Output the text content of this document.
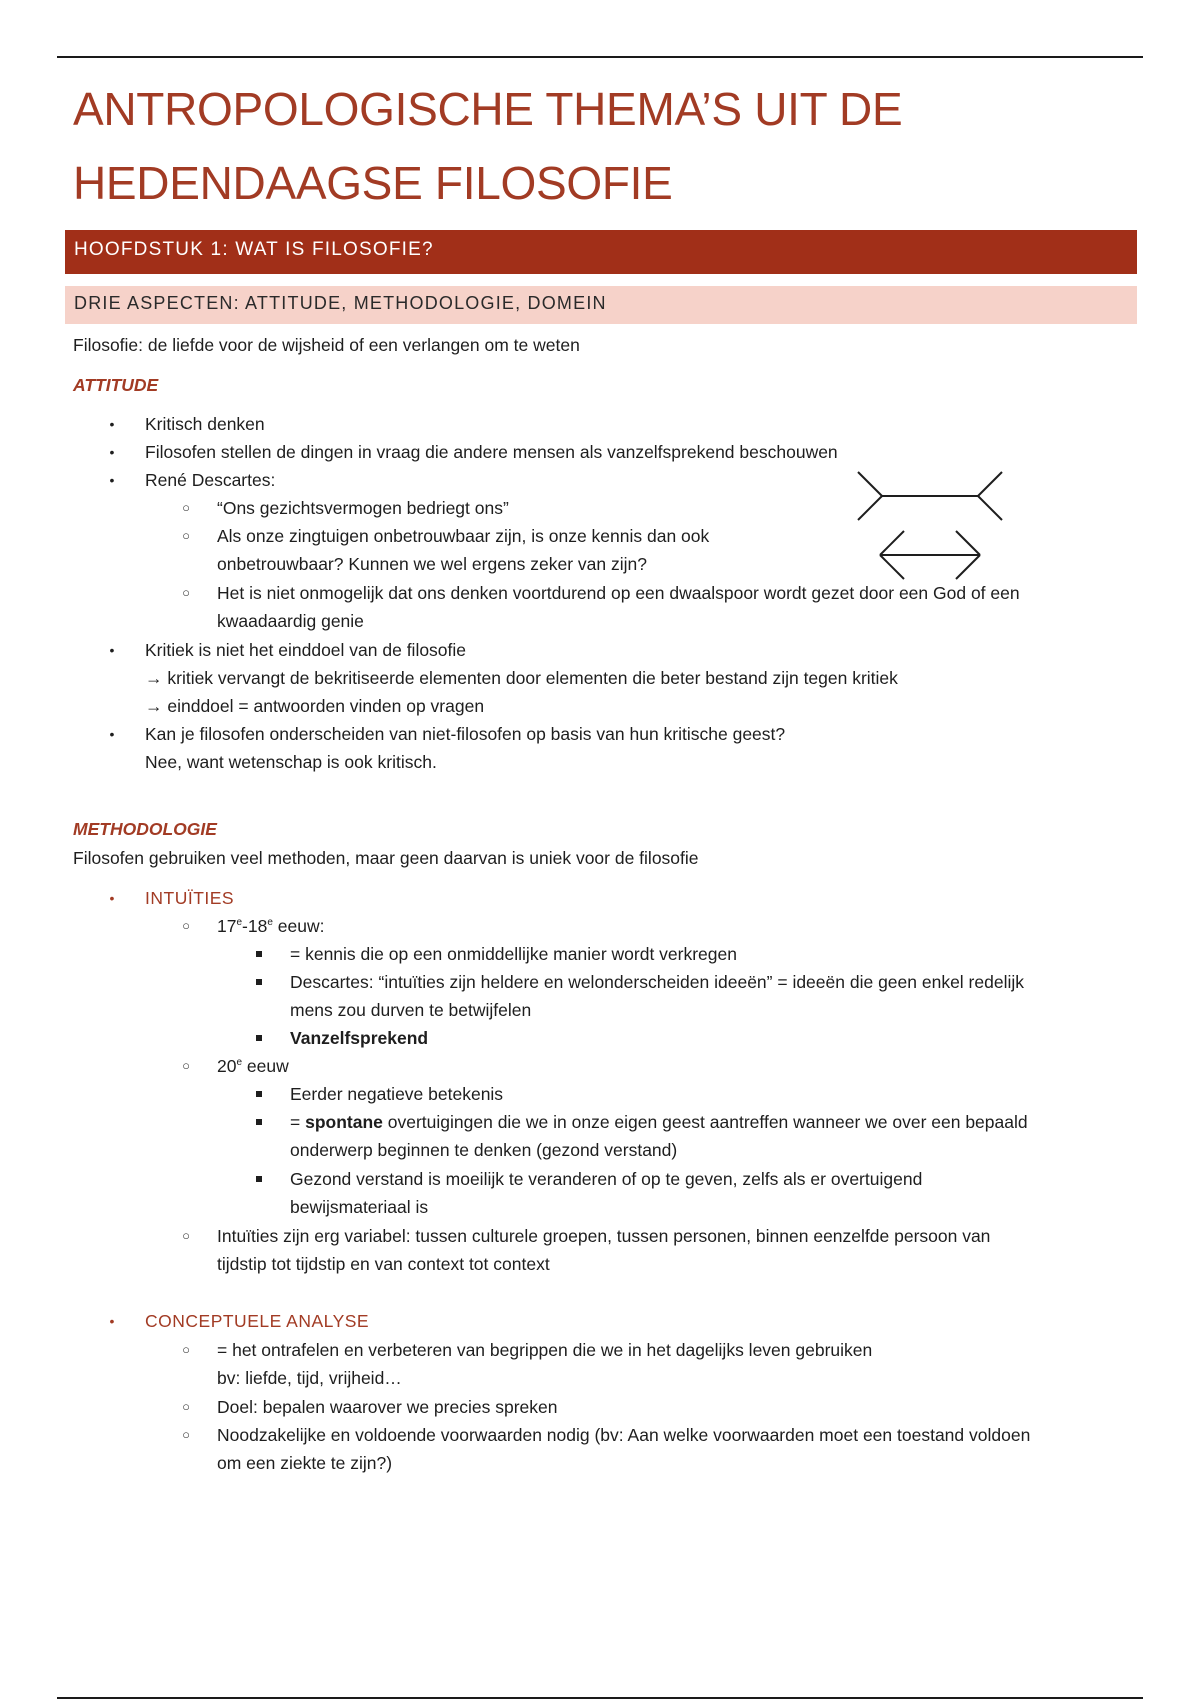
ANTROPOLOGISCHE THEMA’S UIT DE
HEDENDAAGSE FILOSOFIE
HOOFDSTUK 1: WAT IS FILOSOFIE?
DRIE ASPECTEN: ATTITUDE, METHODOLOGIE, DOMEIN
Filosofie: de liefde voor de wijsheid of een verlangen om te weten
ATTITUDE
• Kritisch denken
• Filosofen stellen de dingen in vraag die andere mensen als vanzelfsprekend beschouwen
• René Descartes:
○ “Ons gezichtsvermogen bedriegt ons”
○ Als onze zingtuigen onbetrouwbaar zijn, is onze kennis dan ook
onbetrouwbaar? Kunnen we wel ergens zeker van zijn?
○ Het is niet onmogelijk dat ons denken voortdurend op een dwaalspoor wordt gezet door een God of een
kwaadaardig genie
• Kritiek is niet het einddoel van de filosofie
→ kritiek vervangt de bekritiseerde elementen door elementen die beter bestand zijn tegen kritiek
→ einddoel = antwoorden vinden op vragen
• Kan je filosofen onderscheiden van niet-filosofen op basis van hun kritische geest?
Nee, want wetenschap is ook kritisch.
METHODOLOGIE
Filosofen gebruiken veel methoden, maar geen daarvan is uniek voor de filosofie
• INTUÏTIES
○ 17e-18e eeuw:
= kennis die op een onmiddellijke manier wordt verkregen
Descartes: “intuïties zijn heldere en welonderscheiden ideeën” = ideeën die geen enkel redelijk
mens zou durven te betwijfelen
Vanzelfsprekend
○ 20e eeuw
Eerder negatieve betekenis
= spontane overtuigingen die we in onze eigen geest aantreffen wanneer we over een bepaald
onderwerp beginnen te denken (gezond verstand)
Gezond verstand is moeilijk te veranderen of op te geven, zelfs als er overtuigend
bewijsmateriaal is
○ Intuïties zijn erg variabel: tussen culturele groepen, tussen personen, binnen eenzelfde persoon van
tijdstip tot tijdstip en van context tot context
• CONCEPTUELE ANALYSE
○ = het ontrafelen en verbeteren van begrippen die we in het dagelijks leven gebruiken
bv: liefde, tijd, vrijheid…
○ Doel: bepalen waarover we precies spreken
○ Noodzakelijke en voldoende voorwaarden nodig (bv: Aan welke voorwaarden moet een toestand voldoen
om een ziekte te zijn?)
